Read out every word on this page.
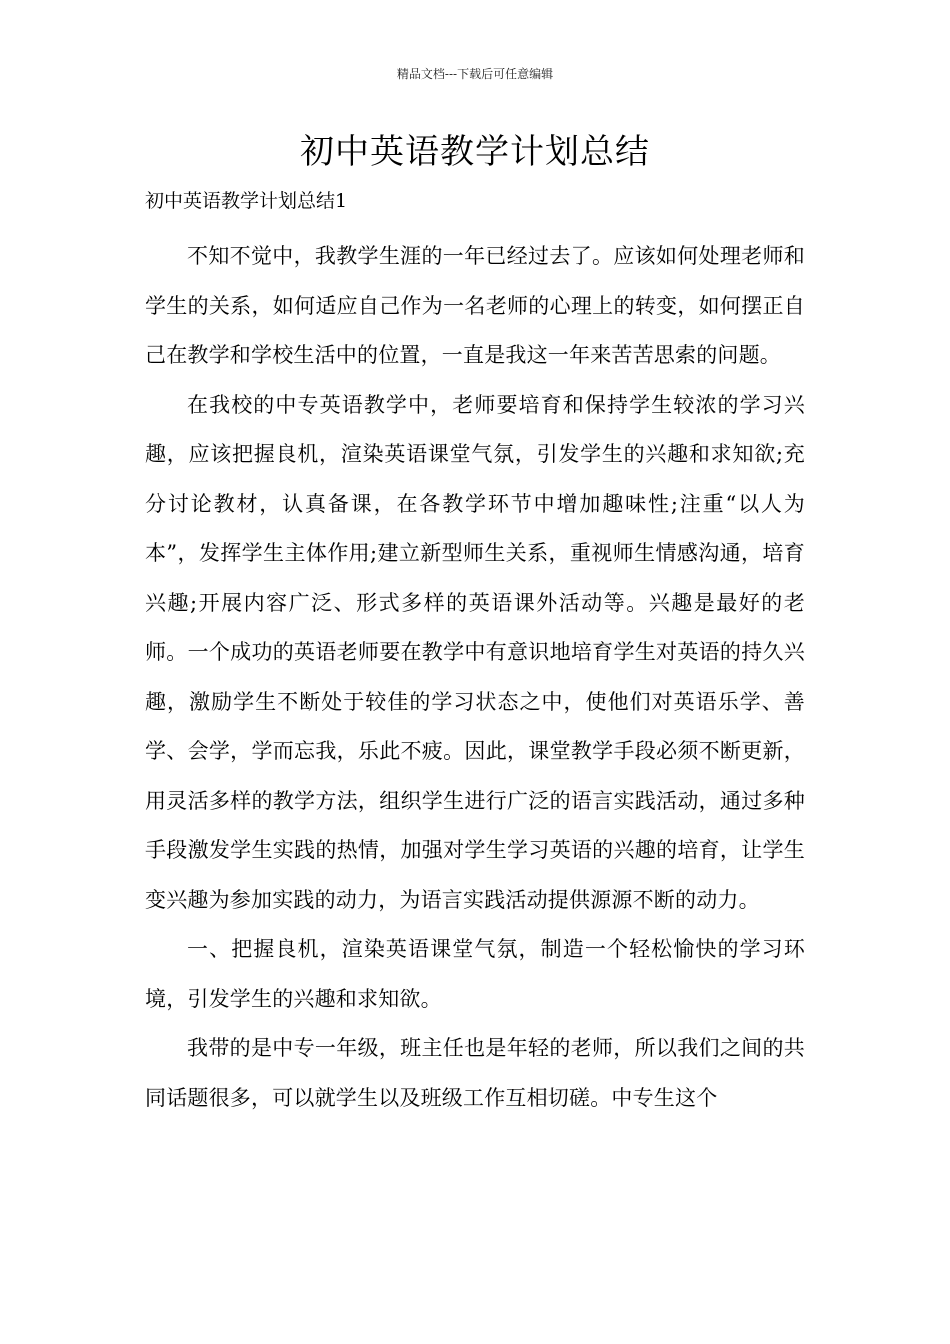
精品文档---下载后可任意编辑
初中英语教学计划总结

初中英语教学计划总结1

不知不觉中，我教学生涯的一年已经过去了。应该如何处理老师和学生的关系，如何适应自己作为一名老师的心理上的转变，如何摆正自己在教学和学校生活中的位置，一直是我这一年来苦苦思索的问题。

在我校的中专英语教学中，老师要培育和保持学生较浓的学习兴趣，应该把握良机，渲染英语课堂气氛，引发学生的兴趣和求知欲;充分讨论教材，认真备课，在各教学环节中增加趣味性;注重“以人为本”，发挥学生主体作用;建立新型师生关系，重视师生情感沟通，培育兴趣;开展内容广泛、形式多样的英语课外活动等。兴趣是最好的老师。一个成功的英语老师要在教学中有意识地培育学生对英语的持久兴趣，激励学生不断处于较佳的学习状态之中，使他们对英语乐学、善学、会学，学而忘我，乐此不疲。因此，课堂教学手段必须不断更新，用灵活多样的教学方法，组织学生进行广泛的语言实践活动，通过多种手段激发学生实践的热情，加强对学生学习英语的兴趣的培育，让学生变兴趣为参加实践的动力，为语言实践活动提供源源不断的动力。

一、把握良机，渲染英语课堂气氛，制造一个轻松愉快的学习环境，引发学生的兴趣和求知欲。

我带的是中专一年级，班主任也是年轻的老师，所以我们之间的共同话题很多，可以就学生以及班级工作互相切磋。中专生这个
